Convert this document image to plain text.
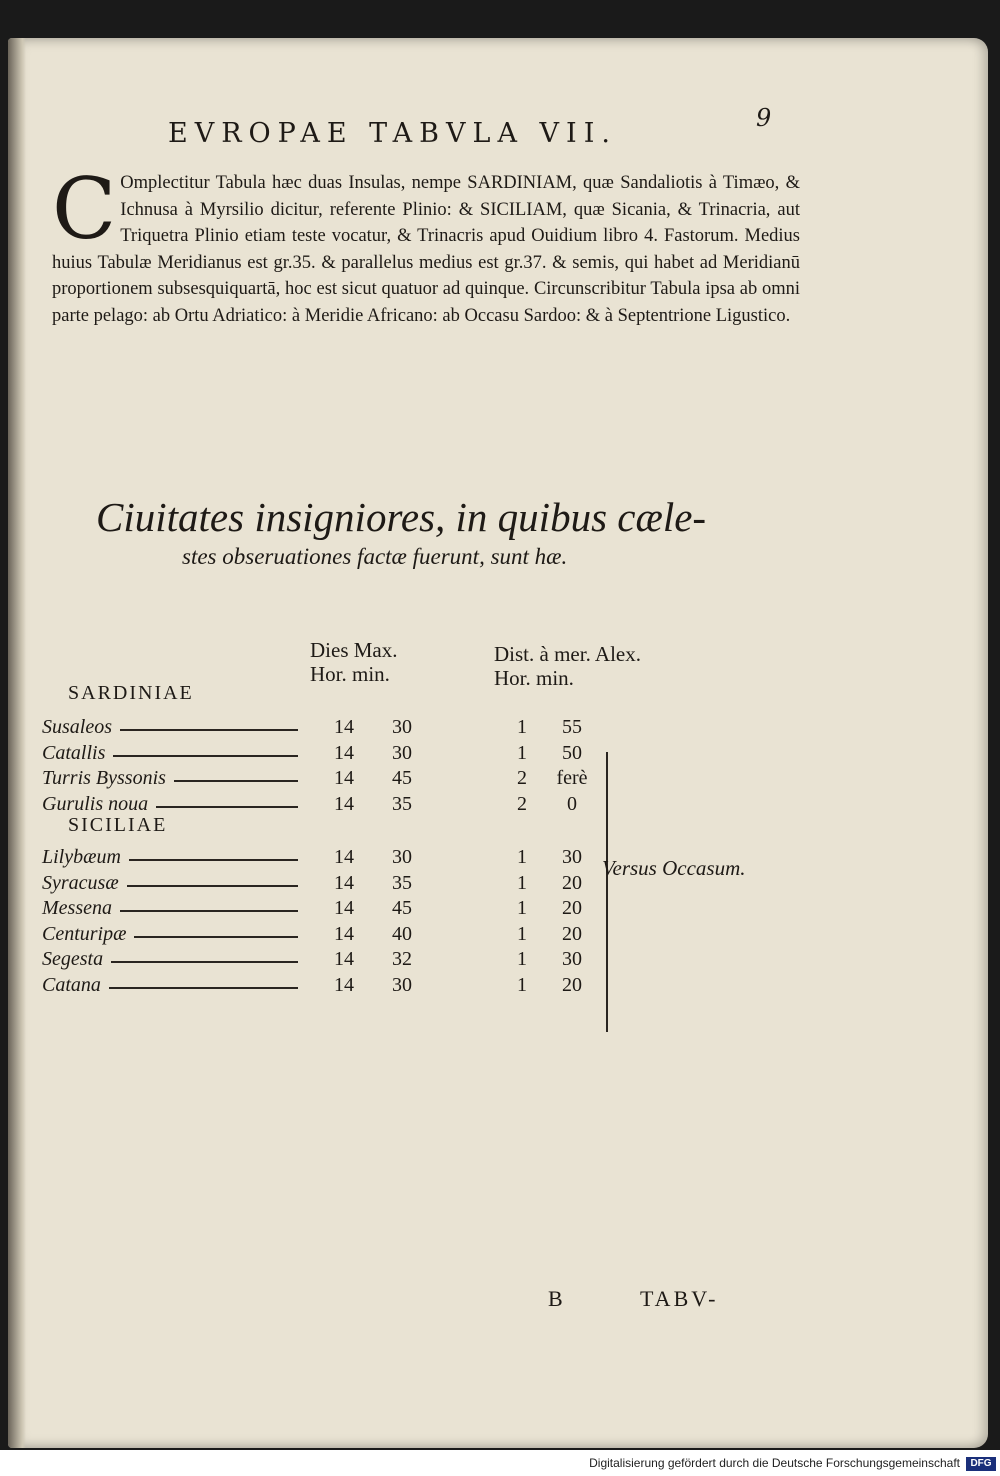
EVROPAE TABVLA VII.	9
C Omplectitur Tabula hæc duas Insulas, nempe SARDINIAM, quæ Sandaliotis à Timæo, & Ichnusa à Myrsilio dicitur, referente Plinio: & SICILIAM, quæ Sicania, & Trinacria, aut Triquetra Plinio etiam teste vocatur, & Trinacris apud Ouidium libro 4. Fastorum. Medius huius Tabulæ Meridianus est gr.35. & parallelus medius est gr.37. & semis, qui habet ad Meridianū proportionem subsesquiquartā, hoc est sicut quatuor ad quinque. Circunscribitur Tabula ipsa ab omni parte pelago: ab Ortu Adriatico: à Meridie Africano: ab Occasu Sardoo: & à Septentrione Ligustico.
Ciuitates insigniores, in quibus cæle-
stes obseruationes factæ fuerunt, sunt hæ.
Dies Max.
Hor. min.
Dist. à mer. Alex.
Hor. min.
SARDINIAE
Susaleos	14	30	1	55
Catallis	14	30	1	50
Turris Byssonis	14	45	2	ferè
Gurulis noua	14	35	2	0
SICILIAE
Lilybæum	14	30	1	30
Syracusæ	14	35	1	20
Messena	14	45	1	20
Centuripæ	14	40	1	20
Segesta	14	32	1	30
Catana	14	30	1	20
Versus Occasum.
B	TABV-
Digitalisierung gefördert durch die Deutsche Forschungsgemeinschaft	DFG
